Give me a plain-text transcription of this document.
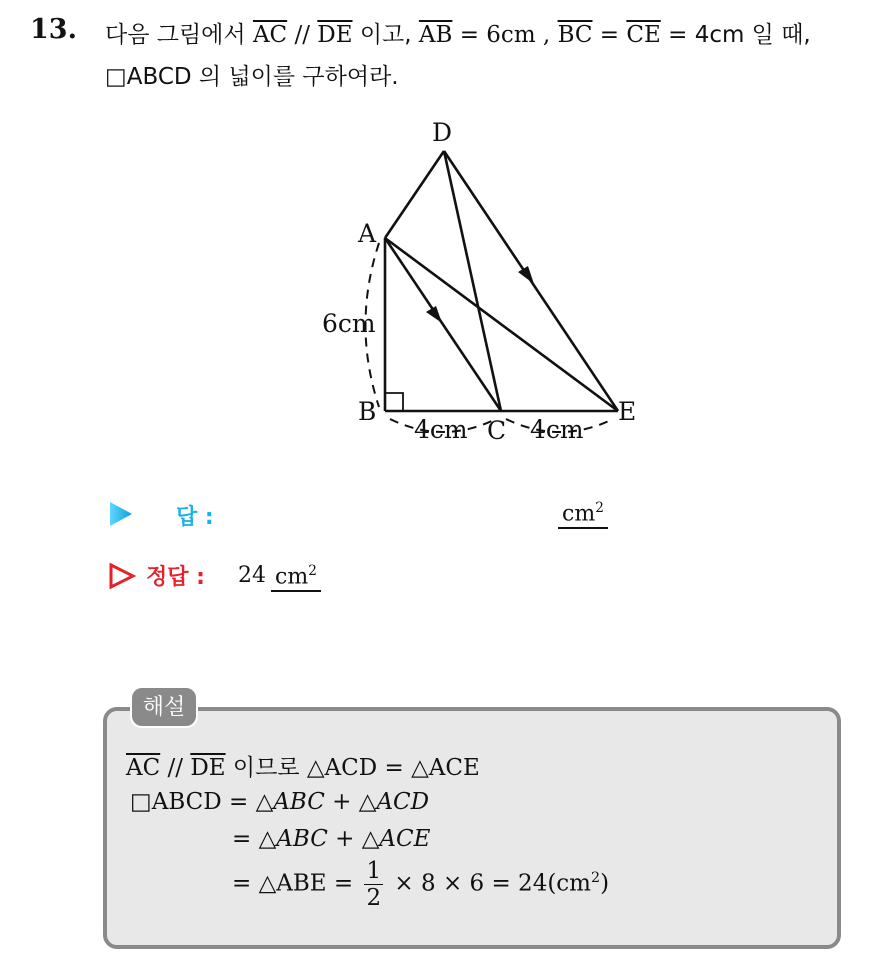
13. 다음 그림에서 $\overline{AC} // \overline{DE}$ 이고, $\overline{AB} = 6cm$ , $\overline{BC} = \overline{CE} = 4cm$ 일 때,
□ABCD 의 넓이를 구하여라.
D
A
B
C
E
6cm
4cm 4cm
답 :	$cm^2$
정답 : 24 $cm^2$
해설
$\overline{AC} // \overline{DE}$ 이므로 △ACD = △ACE
□ABCD = △ABC + △ACD
= △ABC + △ACE
= △ABE = $\frac{1}{2} \times 8 \times 6 = 24(cm^2)$
